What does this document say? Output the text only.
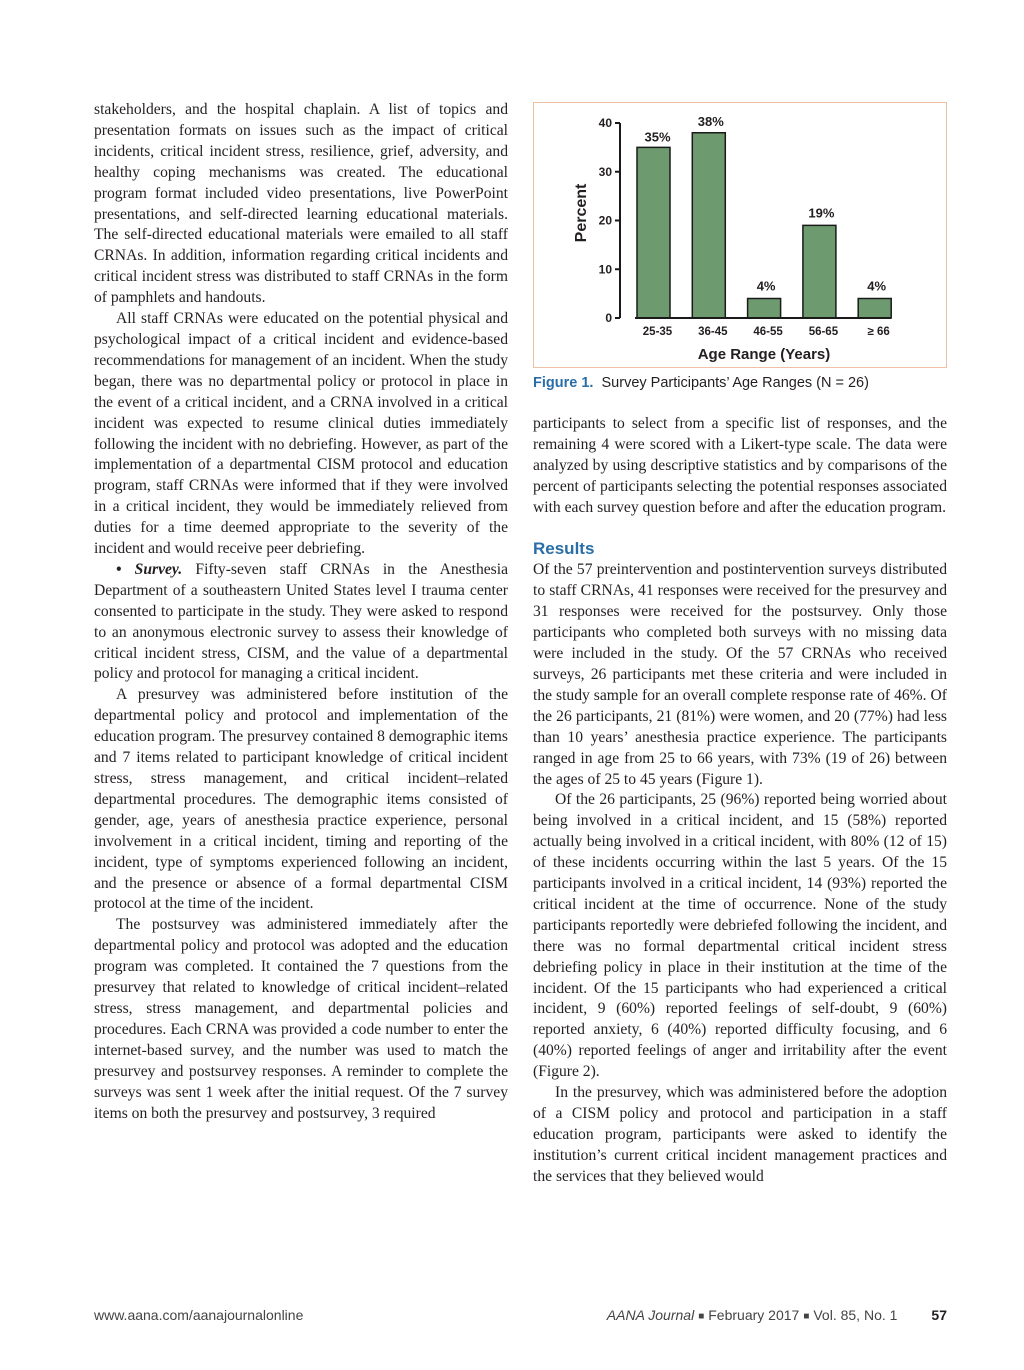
stakeholders, and the hospital chaplain. A list of topics and presentation formats on issues such as the impact of critical incidents, critical incident stress, resilience, grief, adversity, and healthy coping mechanisms was created. The educational program format included video presentations, live PowerPoint presentations, and self-directed learning educational materials. The self-directed educational materials were emailed to all staff CRNAs. In addition, information regarding critical incidents and critical incident stress was distributed to staff CRNAs in the form of pamphlets and handouts.

All staff CRNAs were educated on the potential physical and psychological impact of a critical incident and evidence-based recommendations for management of an incident. When the study began, there was no departmental policy or protocol in place in the event of a critical incident, and a CRNA involved in a critical incident was expected to resume clinical duties immediately following the incident with no debriefing. However, as part of the implementation of a departmental CISM protocol and education program, staff CRNAs were informed that if they were involved in a critical incident, they would be immediately relieved from duties for a time deemed appropriate to the severity of the incident and would receive peer debriefing.

• Survey. Fifty-seven staff CRNAs in the Anesthesia Department of a southeastern United States level I trauma center consented to participate in the study. They were asked to respond to an anonymous electronic survey to assess their knowledge of critical incident stress, CISM, and the value of a departmental policy and protocol for managing a critical incident.

A presurvey was administered before institution of the departmental policy and protocol and implementation of the education program. The presurvey contained 8 demographic items and 7 items related to participant knowledge of critical incident stress, stress management, and critical incident–related departmental procedures. The demographic items consisted of gender, age, years of anesthesia practice experience, personal involvement in a critical incident, timing and reporting of the incident, type of symptoms experienced following an incident, and the presence or absence of a formal departmental CISM protocol at the time of the incident.

The postsurvey was administered immediately after the departmental policy and protocol was adopted and the education program was completed. It contained the 7 questions from the presurvey that related to knowledge of critical incident–related stress, stress management, and departmental policies and procedures. Each CRNA was provided a code number to enter the internet-based survey, and the number was used to match the presurvey and postsurvey responses. A reminder to complete the surveys was sent 1 week after the initial request. Of the 7 survey items on both the presurvey and postsurvey, 3 required

0
10
20
30
40
35%
38%
4%
19%
4%
25-35 36-45 46-55 56-65	≥ 66
Percent
Age Range (Years)
Figure 1. Survey Participants’ Age Ranges (N = 26)

participants to select from a specific list of responses, and the remaining 4 were scored with a Likert-type scale. The data were analyzed by using descriptive statistics and by comparisons of the percent of participants selecting the potential responses associated with each survey question before and after the education program.

Results

Of the 57 preintervention and postintervention surveys distributed to staff CRNAs, 41 responses were received for the presurvey and 31 responses were received for the postsurvey. Only those participants who completed both surveys with no missing data were included in the study. Of the 57 CRNAs who received surveys, 26 participants met these criteria and were included in the study sample for an overall complete response rate of 46%. Of the 26 participants, 21 (81%) were women, and 20 (77%) had less than 10 years’ anesthesia practice experience. The participants ranged in age from 25 to 66 years, with 73% (19 of 26) between the ages of 25 to 45 years (Figure 1).

Of the 26 participants, 25 (96%) reported being worried about being involved in a critical incident, and 15 (58%) reported actually being involved in a critical incident, with 80% (12 of 15) of these incidents occurring within the last 5 years. Of the 15 participants involved in a critical incident, 14 (93%) reported the critical incident at the time of occurrence. None of the study participants reportedly were debriefed following the incident, and there was no formal departmental critical incident stress debriefing policy in place in their institution at the time of the incident. Of the 15 participants who had experienced a critical incident, 9 (60%) reported feelings of self-doubt, 9 (60%) reported anxiety, 6 (40%) reported difficulty focusing, and 6 (40%) reported feelings of anger and irritability after the event (Figure 2).

In the presurvey, which was administered before the adoption of a CISM policy and protocol and participation in a staff education program, participants were asked to identify the institution’s current critical incident management practices and the services that they believed would

www.aana.com/aanajournalonline	AANA Journal ■ February 2017 ■ Vol. 85, No. 1 57
